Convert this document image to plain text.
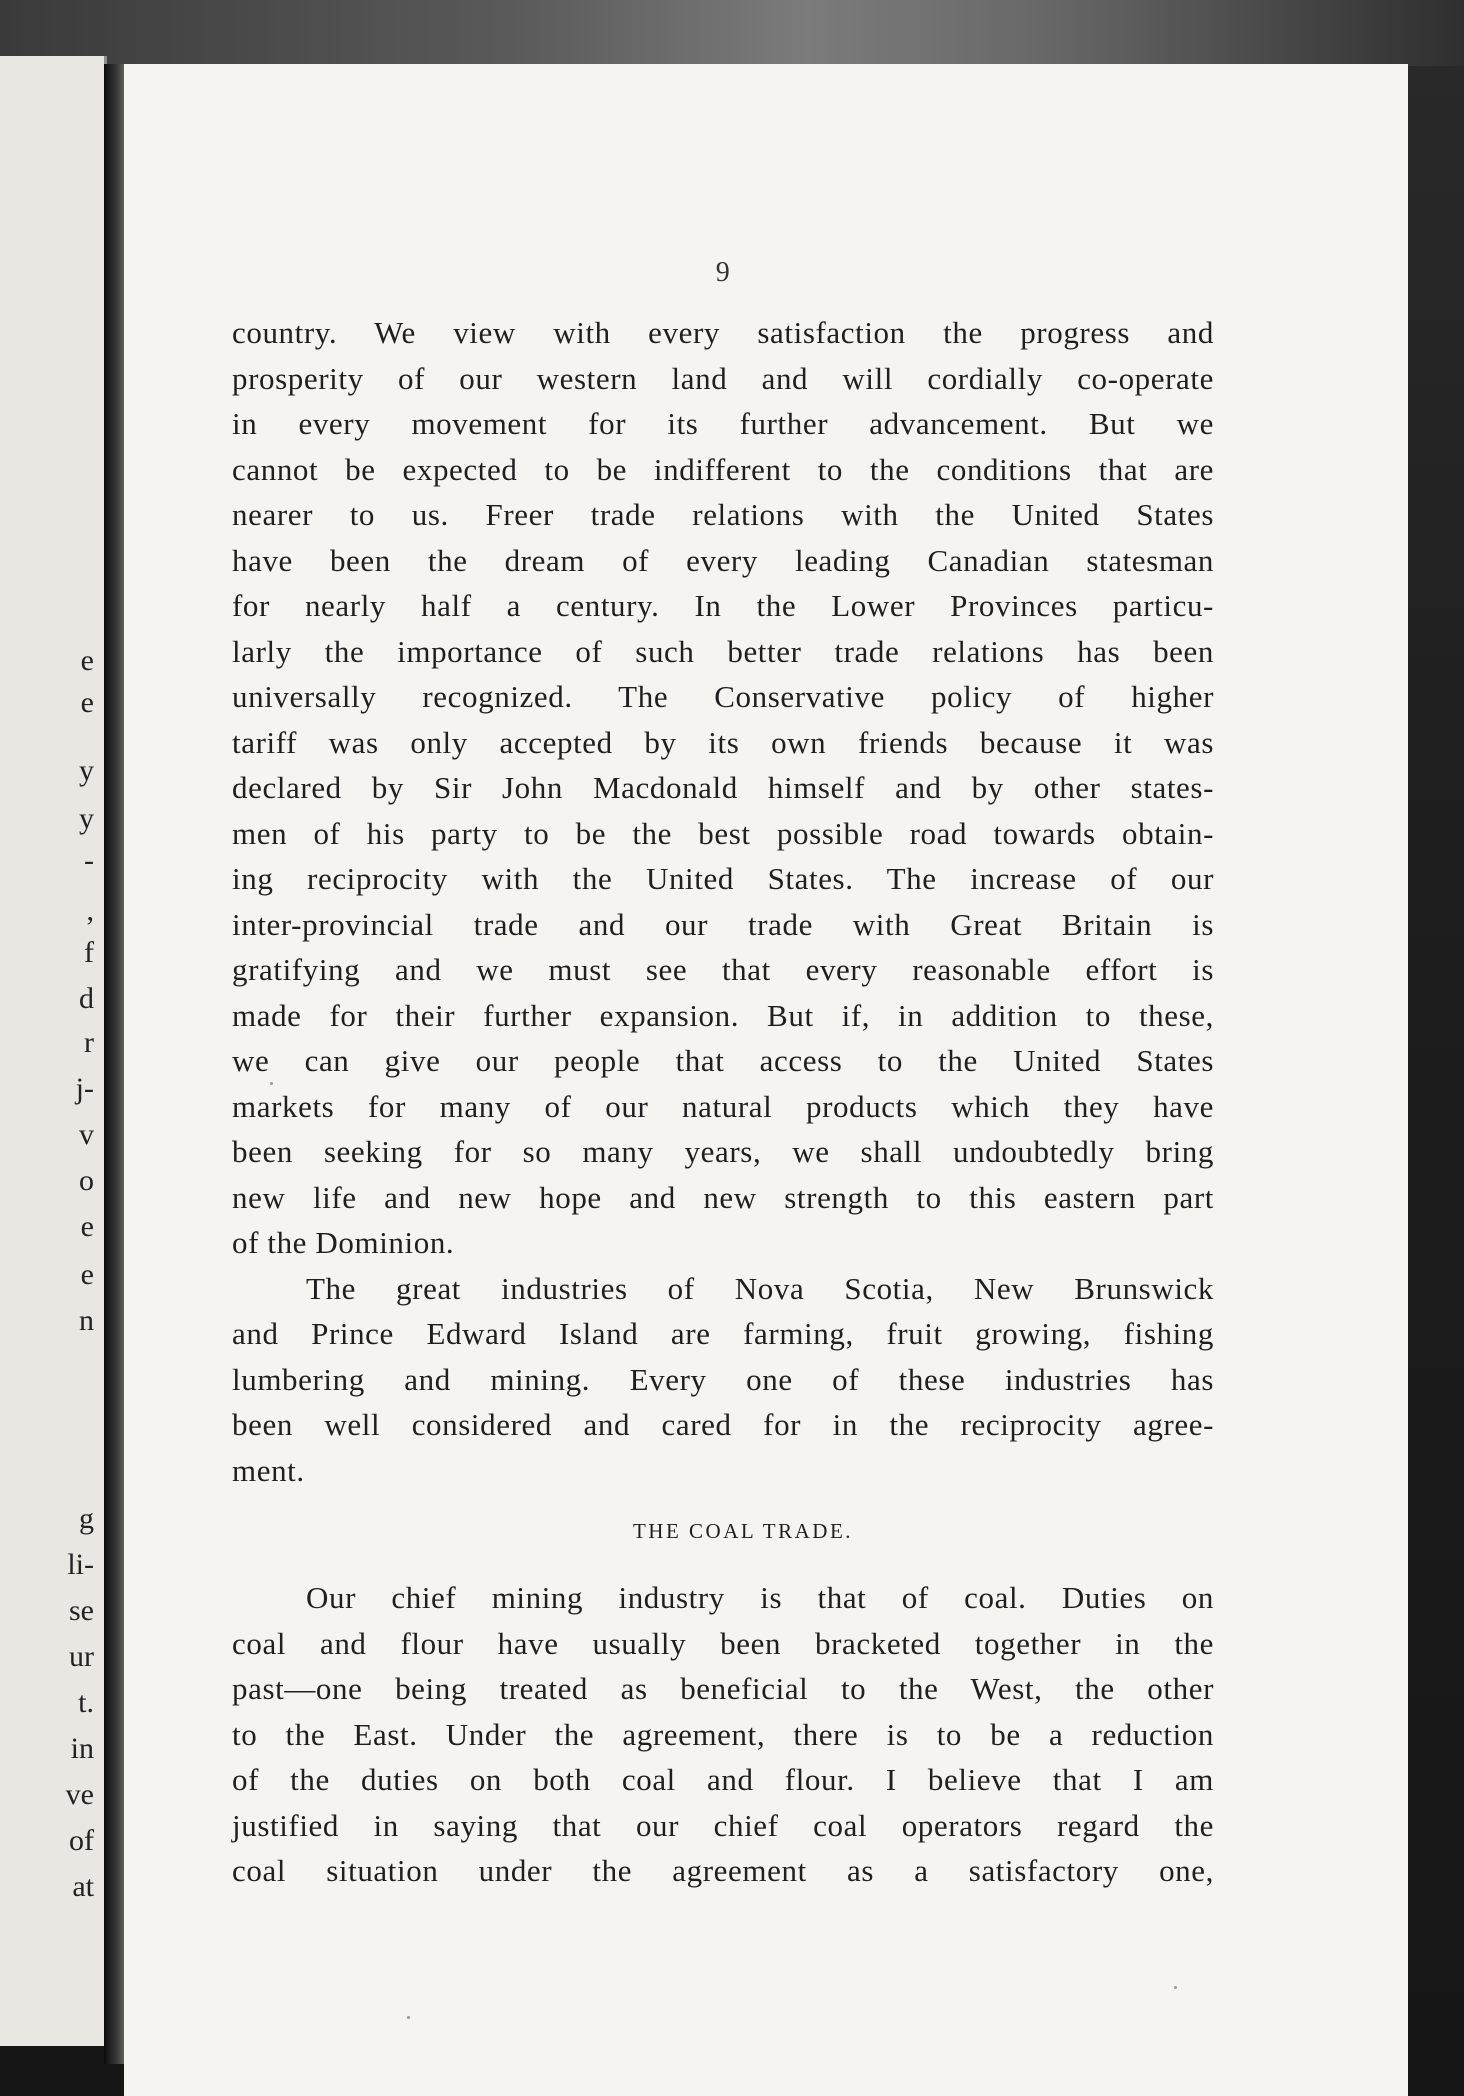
e
e
y
y
-
,
f
d
r
j-
v
o
e
e
n
g
li-
se
ur
t.
in
ve
of
at
9
country. We view with every satisfaction the progress and
prosperity of our western land and will cordially co-operate
in every movement for its further advancement. But we
cannot be expected to be indifferent to the conditions that are
nearer to us. Freer trade relations with the United States
have been the dream of every leading Canadian statesman
for nearly half a century. In the Lower Provinces particu-
larly the importance of such better trade relations has been
universally recognized. The Conservative policy of higher
tariff was only accepted by its own friends because it was
declared by Sir John Macdonald himself and by other states-
men of his party to be the best possible road towards obtain-
ing reciprocity with the United States. The increase of our
inter-provincial trade and our trade with Great Britain is
gratifying and we must see that every reasonable effort is
made for their further expansion. But if, in addition to these,
we can give our people that access to the United States
markets for many of our natural products which they have
been seeking for so many years, we shall undoubtedly bring
new life and new hope and new strength to this eastern part
of the Dominion.
The great industries of Nova Scotia, New Brunswick
and Prince Edward Island are farming, fruit growing, fishing
lumbering and mining. Every one of these industries has
been well considered and cared for in the reciprocity agree-
ment.
THE COAL TRADE.
Our chief mining industry is that of coal. Duties on
coal and flour have usually been bracketed together in the
past—one being treated as beneficial to the West, the other
to the East. Under the agreement, there is to be a reduction
of the duties on both coal and flour. I believe that I am
justified in saying that our chief coal operators regard the
coal situation under the agreement as a satisfactory one,
